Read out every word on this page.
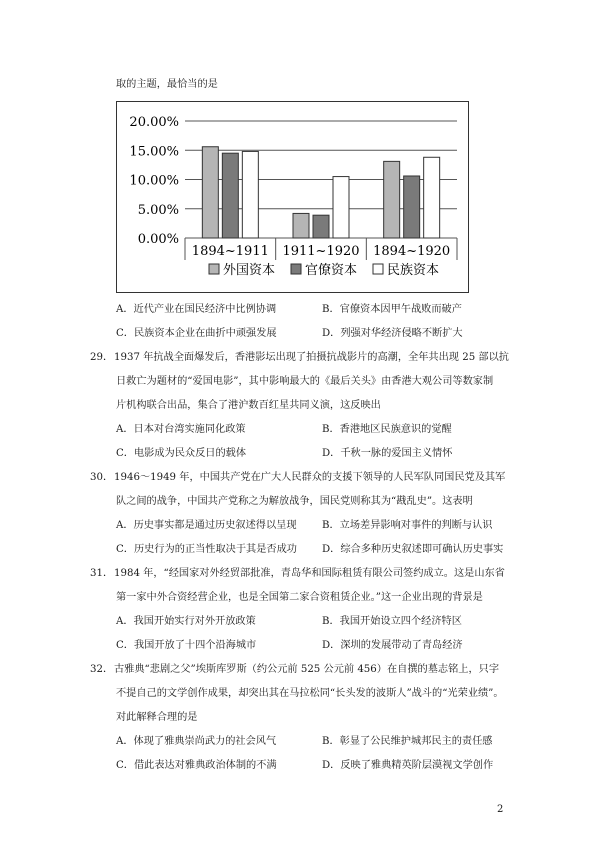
取的主题，最恰当的是
20.00%
15.00%
10.00%
5.00%
0.00%
1894~1911 1911~1920 1894~1920
外国资本 官僚资本 民族资本
A．近代产业在国民经济中比例协调	B．官僚资本因甲午战败而破产
C．民族资本企业在曲折中顽强发展	D．列强对华经济侵略不断扩大
29． 1937 年抗战全面爆发后，香港影坛出现了拍摄抗战影片的高潮，全年共出现 25 部以抗
日救亡为题材的“爱国电影”，其中影响最大的《最后关头》由香港大观公司等数家制
片机构联合出品，集合了港沪数百红星共同义演，这反映出
A．日本对台湾实施同化政策	B．香港地区民族意识的觉醒
C．电影成为民众反日的载体	D．千秋一脉的爱国主义情怀
30． 1946～1949 年，中国共产党在广大人民群众的支援下领导的人民军队同国民党及其军
队之间的战争，中国共产党称之为解放战争，国民党则称其为“戡乱史”。这表明
A．历史事实都是通过历史叙述得以呈现 B．立场差异影响对事件的判断与认识
C．历史行为的正当性取决于其是否成功 D．综合多种历史叙述即可确认历史事实
31． 1984 年，“经国家对外经贸部批准，青岛华和国际租赁有限公司签约成立。这是山东省
第一家中外合资经营企业，也是全国第二家合资租赁企业。”这一企业出现的背景是
A．我国开始实行对外开放政策	B．我国开始设立四个经济特区
C．我国开放了十四个沿海城市	D．深圳的发展带动了青岛经济
32． 古雅典“悲剧之父”埃斯库罗斯（约公元前 525 公元前 456）在自撰的墓志铭上，只字
不提自己的文学创作成果，却突出其在马拉松同“长头发的波斯人”战斗的“光荣业绩”。
对此解释合理的是
A．体现了雅典崇尚武力的社会风气	B．彰显了公民维护城邦民主的责任感
C．借此表达对雅典政治体制的不满	D．反映了雅典精英阶层漠视文学创作
2
